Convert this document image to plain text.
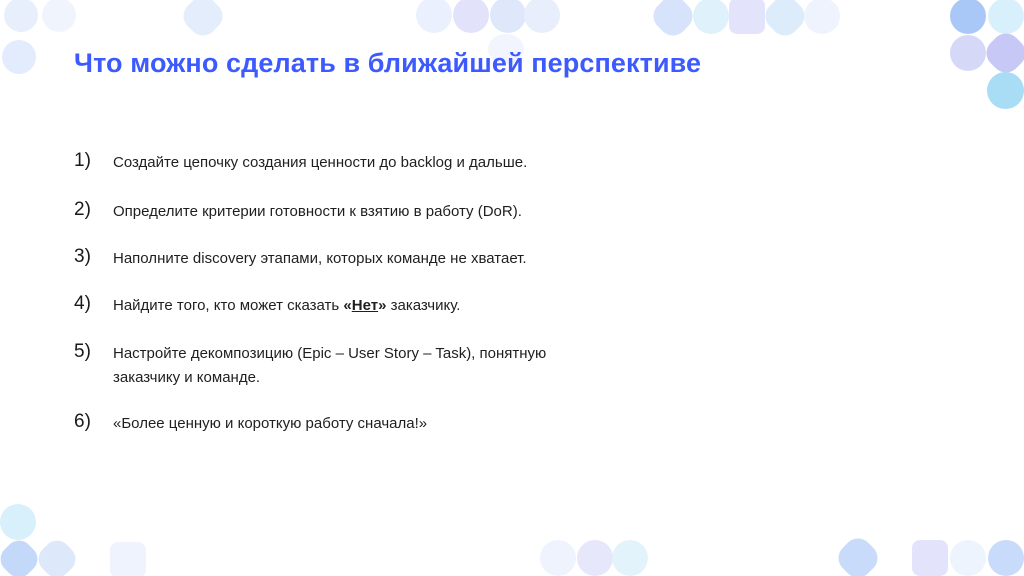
Что можно сделать в ближайшей перспективе
1)	Создайте цепочку создания ценности до backlog и дальше.
2)	Определите критерии готовности к взятию в работу (DoR).
3)	Наполните discovery этапами, которых команде не хватает.
4)	Найдите того, кто может сказать «Нет» заказчику.
5)	Настройте декомпозицию (Epic – User Story – Task), понятную
заказчику и команде.
6)	«Более ценную и короткую работу сначала!»
